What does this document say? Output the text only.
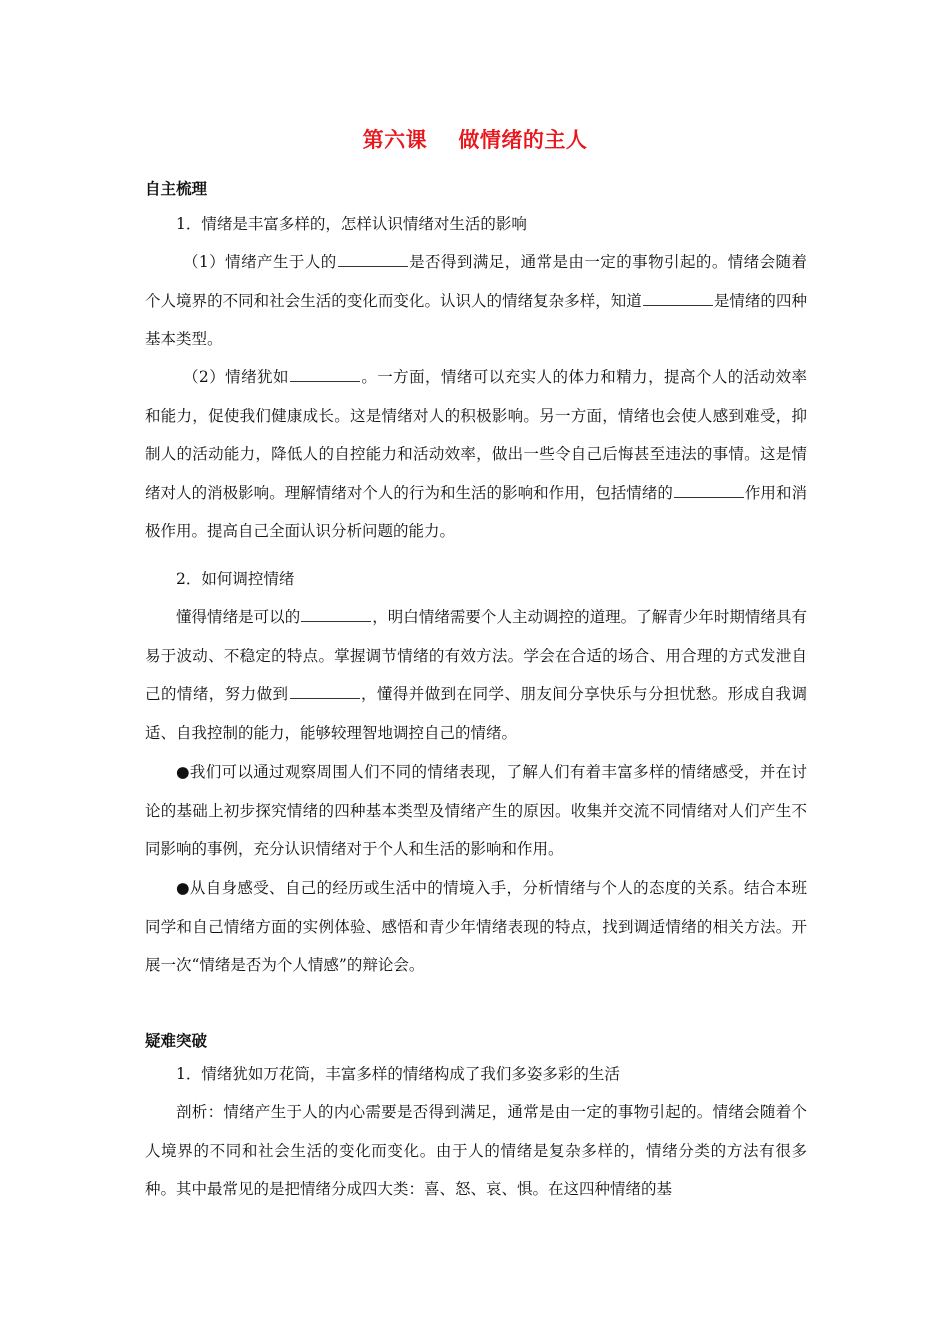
第六课    做情绪的主人
自主梳理
1．情绪是丰富多样的，怎样认识情绪对生活的影响
（1）情绪产生于人的	是否得到满足，通常是由一定的事物引起的。情绪会随着个人境界的不同和社会生活的变化而变化。认识人的情绪复杂多样，知道	是情绪的四种基本类型。
（2）情绪犹如	。一方面，情绪可以充实人的体力和精力，提高个人的活动效率和能力，促使我们健康成长。这是情绪对人的积极影响。另一方面，情绪也会使人感到难受，抑制人的活动能力，降低人的自控能力和活动效率，做出一些令自己后悔甚至违法的事情。这是情绪对人的消极影响。理解情绪对个人的行为和生活的影响和作用，包括情绪的	作用和消极作用。提高自己全面认识分析问题的能力。
2．如何调控情绪
懂得情绪是可以的	，明白情绪需要个人主动调控的道理。了解青少年时期情绪具有易于波动、不稳定的特点。掌握调节情绪的有效方法。学会在合适的场合、用合理的方式发泄自己的情绪，努力做到	，懂得并做到在同学、朋友间分享快乐与分担忧愁。形成自我调适、自我控制的能力，能够较理智地调控自己的情绪。
●我们可以通过观察周围人们不同的情绪表现，了解人们有着丰富多样的情绪感受，并在讨论的基础上初步探究情绪的四种基本类型及情绪产生的原因。收集并交流不同情绪对人们产生不同影响的事例，充分认识情绪对于个人和生活的影响和作用。
●从自身感受、自己的经历或生活中的情境入手，分析情绪与个人的态度的关系。结合本班同学和自己情绪方面的实例体验、感悟和青少年情绪表现的特点，找到调适情绪的相关方法。开展一次“情绪是否为个人情感”的辩论会。
疑难突破
1．情绪犹如万花筒，丰富多样的情绪构成了我们多姿多彩的生活
剖析：情绪产生于人的内心需要是否得到满足，通常是由一定的事物引起的。情绪会随着个人境界的不同和社会生活的变化而变化。由于人的情绪是复杂多样的，情绪分类的方法有很多种。其中最常见的是把情绪分成四大类：喜、怒、哀、惧。在这四种情绪的基
